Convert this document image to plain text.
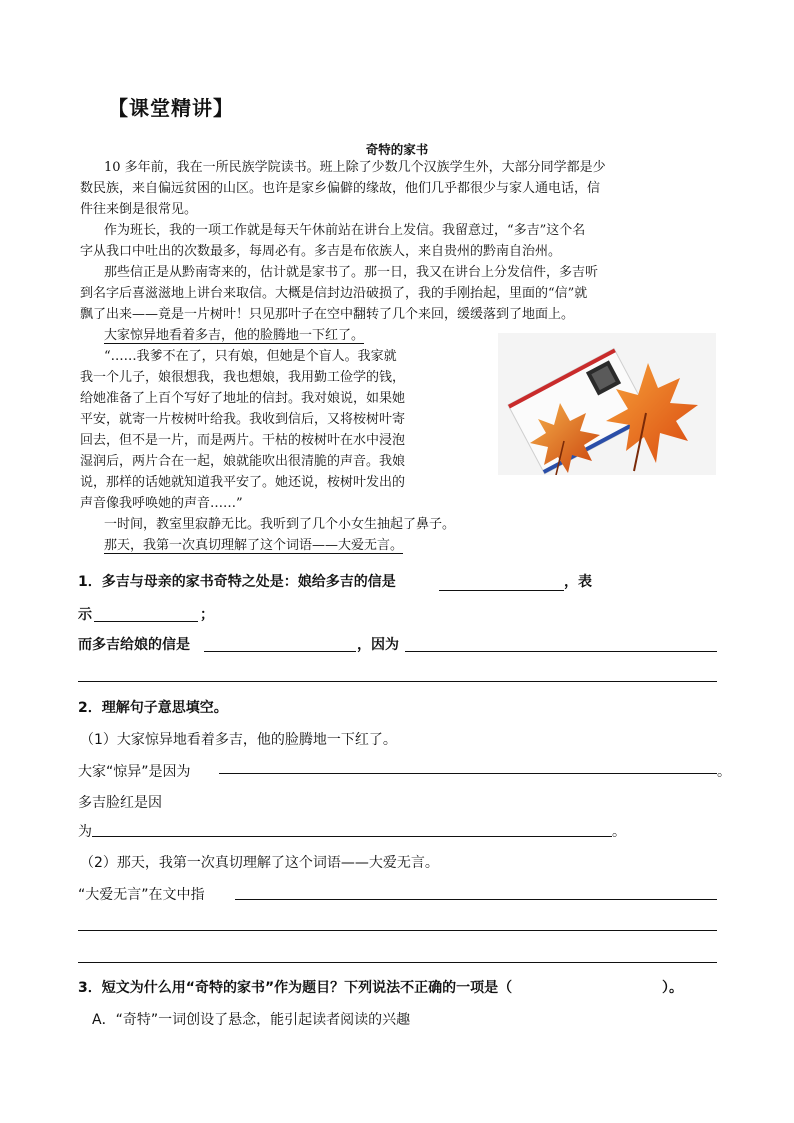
【课堂精讲】
奇特的家书
10 多年前，我在一所民族学院读书。班上除了少数几个汉族学生外，大部分同学都是少
数民族，来自偏远贫困的山区。也许是家乡偏僻的缘故，他们几乎都很少与家人通电话，信
件往来倒是很常见。
作为班长，我的一项工作就是每天午休前站在讲台上发信。我留意过，“多吉”这个名
字从我口中吐出的次数最多，每周必有。多吉是布依族人，来自贵州的黔南自治州。
那些信正是从黔南寄来的，估计就是家书了。那一日，我又在讲台上分发信件，多吉听
到名字后喜滋滋地上讲台来取信。大概是信封边沿破损了，我的手刚抬起，里面的“信”就
飘了出来——竟是一片树叶！只见那叶子在空中翻转了几个来回，缓缓落到了地面上。
大家惊异地看着多吉，他的脸腾地一下红了。
“……我爹不在了，只有娘，但她是个盲人。我家就
我一个儿子，娘很想我，我也想娘，我用勤工俭学的钱，
给她准备了上百个写好了地址的信封。我对娘说，如果她
平安，就寄一片桉树叶给我。我收到信后，又将桉树叶寄
回去，但不是一片，而是两片。干枯的桉树叶在水中浸泡
湿润后，两片合在一起，娘就能吹出很清脆的声音。我娘
说，那样的话她就知道我平安了。她还说，桉树叶发出的
声音像我呼唤她的声音……”
一时间，教室里寂静无比。我听到了几个小女生抽起了鼻子。
那天，我第一次真切理解了这个词语——大爱无言。
1．多吉与母亲的家书奇特之处是：娘给多吉的信是	，表
示	；
而多吉给娘的信是	，因为
2．理解句子意思填空。
（1）大家惊异地看着多吉，他的脸腾地一下红了。
大家“惊异”是因为	。
多吉脸红是因
为	。
（2）那天，我第一次真切理解了这个词语——大爱无言。
“大爱无言”在文中指
3．短文为什么用“奇特的家书”作为题目？下列说法不正确的一项是（	）。
A．“奇特”一词创设了悬念，能引起读者阅读的兴趣
